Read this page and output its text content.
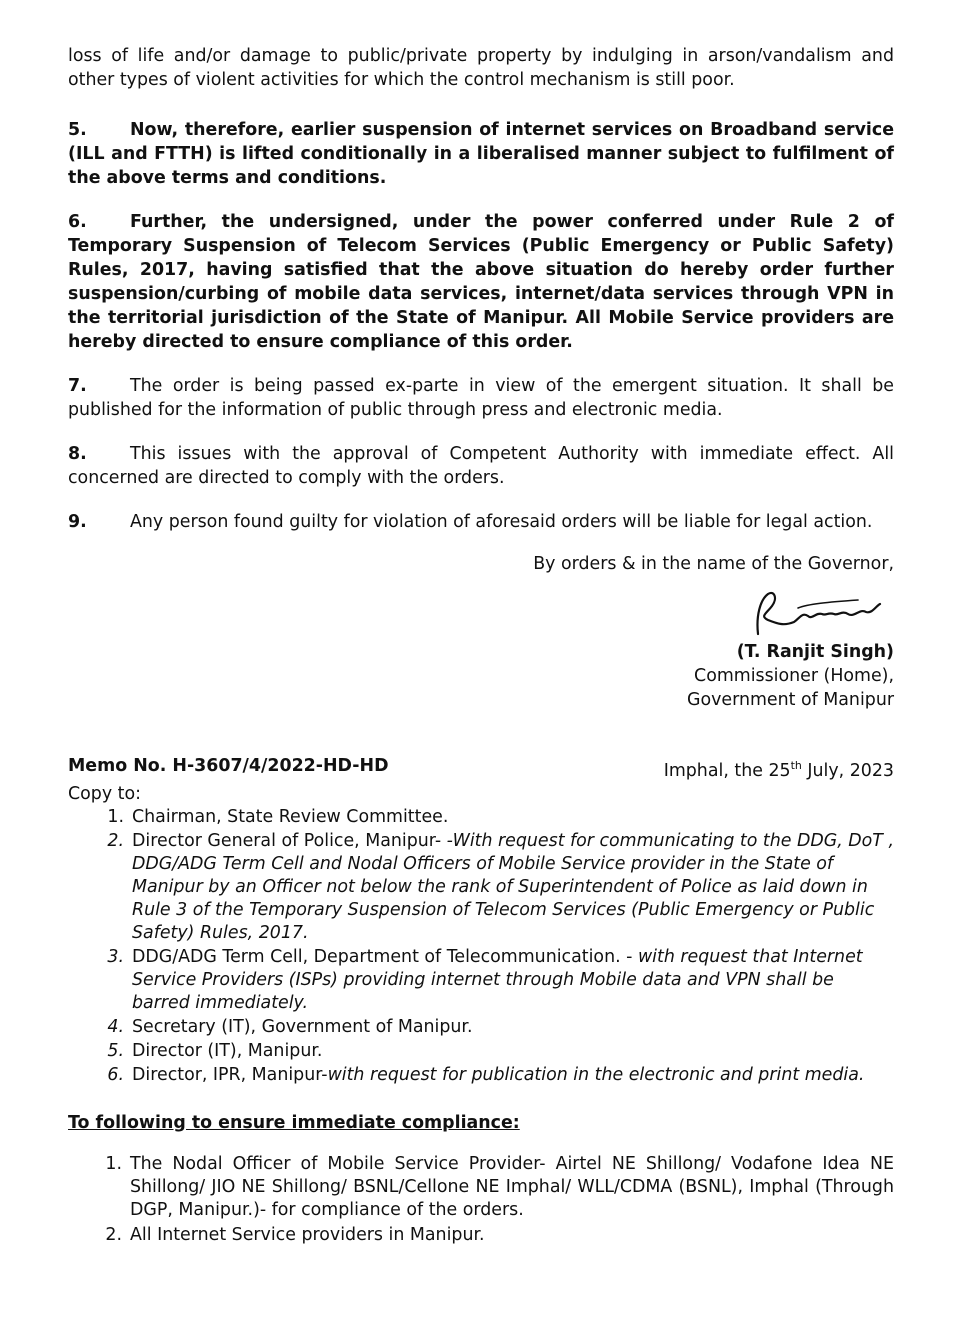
loss of life and/or damage to public/private property by indulging in arson/vandalism and other types of violent activities for which the control mechanism is still poor.

5. Now, therefore, earlier suspension of internet services on Broadband service (ILL and FTTH) is lifted conditionally in a liberalised manner subject to fulfilment of the above terms and conditions.

6. Further, the undersigned, under the power conferred under Rule 2 of Temporary Suspension of Telecom Services (Public Emergency or Public Safety) Rules, 2017, having satisfied that the above situation do hereby order further suspension/curbing of mobile data services, internet/data services through VPN in the territorial jurisdiction of the State of Manipur. All Mobile Service providers are hereby directed to ensure compliance of this order.

7. The order is being passed ex-parte in view of the emergent situation. It shall be published for the information of public through press and electronic media.

8. This issues with the approval of Competent Authority with immediate effect. All concerned are directed to comply with the orders.

9. Any person found guilty for violation of aforesaid orders will be liable for legal action.

By orders & in the name of the Governor,
(T. Ranjit Singh)
Commissioner (Home),
Government of Manipur
Memo No. H-3607/4/2022-HD-HD	Imphal, the 25th July, 2023
Copy to:
1. Chairman, State Review Committee.
2. Director General of Police, Manipur- -With request for communicating to the DDG, DoT , DDG/ADG Term Cell and Nodal Officers of Mobile Service provider in the State of Manipur by an Officer not below the rank of Superintendent of Police as laid down in Rule 3 of the Temporary Suspension of Telecom Services (Public Emergency or Public Safety) Rules, 2017.
3. DDG/ADG Term Cell, Department of Telecommunication. - with request that Internet Service Providers (ISPs) providing internet through Mobile data and VPN shall be barred immediately.
4. Secretary (IT), Government of Manipur.
5. Director (IT), Manipur.
6. Director, IPR, Manipur-with request for publication in the electronic and print media.
To following to ensure immediate compliance:
1. The Nodal Officer of Mobile Service Provider- Airtel NE Shillong/ Vodafone Idea NE Shillong/ JIO NE Shillong/ BSNL/Cellone NE Imphal/ WLL/CDMA (BSNL), Imphal (Through DGP, Manipur.)- for compliance of the orders.
2. All Internet Service providers in Manipur.
